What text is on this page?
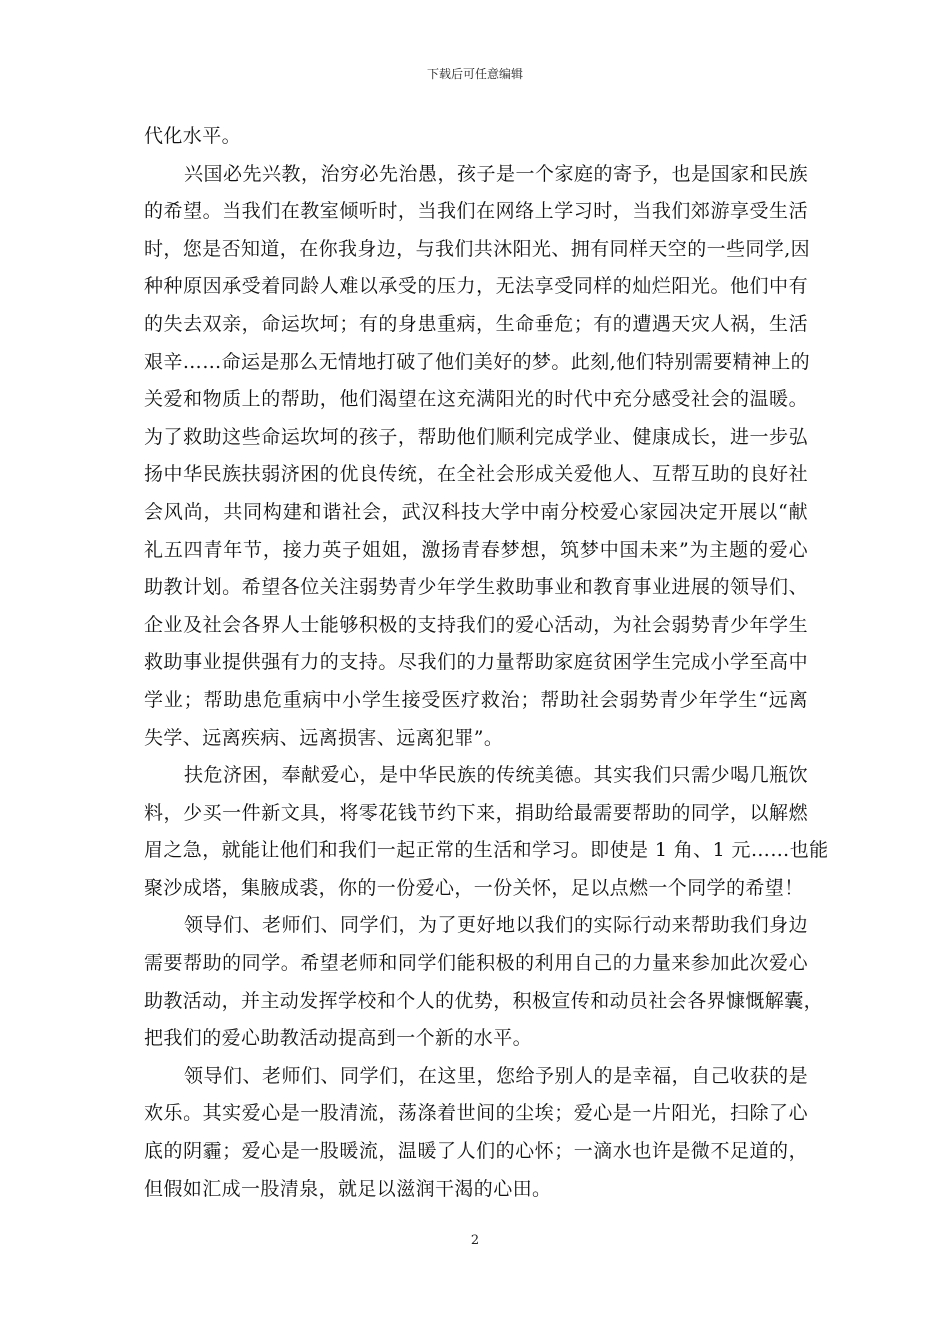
下载后可任意编辑
代化水平。
兴国必先兴教，治穷必先治愚，孩子是一个家庭的寄予，也是国家和民族
的希望。当我们在教室倾听时，当我们在网络上学习时，当我们郊游享受生活
时，您是否知道，在你我身边，与我们共沐阳光、拥有同样天空的一些同学,因
种种原因承受着同龄人难以承受的压力，无法享受同样的灿烂阳光。他们中有
的失去双亲，命运坎坷；有的身患重病，生命垂危；有的遭遇天灾人祸，生活
艰辛……命运是那么无情地打破了他们美好的梦。此刻,他们特别需要精神上的
关爱和物质上的帮助，他们渴望在这充满阳光的时代中充分感受社会的温暖。
为了救助这些命运坎坷的孩子，帮助他们顺利完成学业、健康成长，进一步弘
扬中华民族扶弱济困的优良传统，在全社会形成关爱他人、互帮互助的良好社
会风尚，共同构建和谐社会，武汉科技大学中南分校爱心家园决定开展以“献
礼五四青年节，接力英子姐姐，激扬青春梦想，筑梦中国未来”为主题的爱心
助教计划。希望各位关注弱势青少年学生救助事业和教育事业进展的领导们、
企业及社会各界人士能够积极的支持我们的爱心活动，为社会弱势青少年学生
救助事业提供强有力的支持。尽我们的力量帮助家庭贫困学生完成小学至高中
学业；帮助患危重病中小学生接受医疗救治；帮助社会弱势青少年学生“远离
失学、远离疾病、远离损害、远离犯罪”。
扶危济困，奉献爱心，是中华民族的传统美德。其实我们只需少喝几瓶饮
料，少买一件新文具，将零花钱节约下来，捐助给最需要帮助的同学，以解燃
眉之急，就能让他们和我们一起正常的生活和学习。即使是 1 角、1 元……也能
聚沙成塔，集腋成裘，你的一份爱心，一份关怀，足以点燃一个同学的希望！
领导们、老师们、同学们，为了更好地以我们的实际行动来帮助我们身边
需要帮助的同学。希望老师和同学们能积极的利用自己的力量来参加此次爱心
助教活动，并主动发挥学校和个人的优势，积极宣传和动员社会各界慷慨解囊，
把我们的爱心助教活动提高到一个新的水平。
领导们、老师们、同学们，在这里，您给予别人的是幸福，自己收获的是
欢乐。其实爱心是一股清流，荡涤着世间的尘埃；爱心是一片阳光，扫除了心
底的阴霾；爱心是一股暖流，温暖了人们的心怀；一滴水也许是微不足道的，
但假如汇成一股清泉，就足以滋润干渴的心田。
2
